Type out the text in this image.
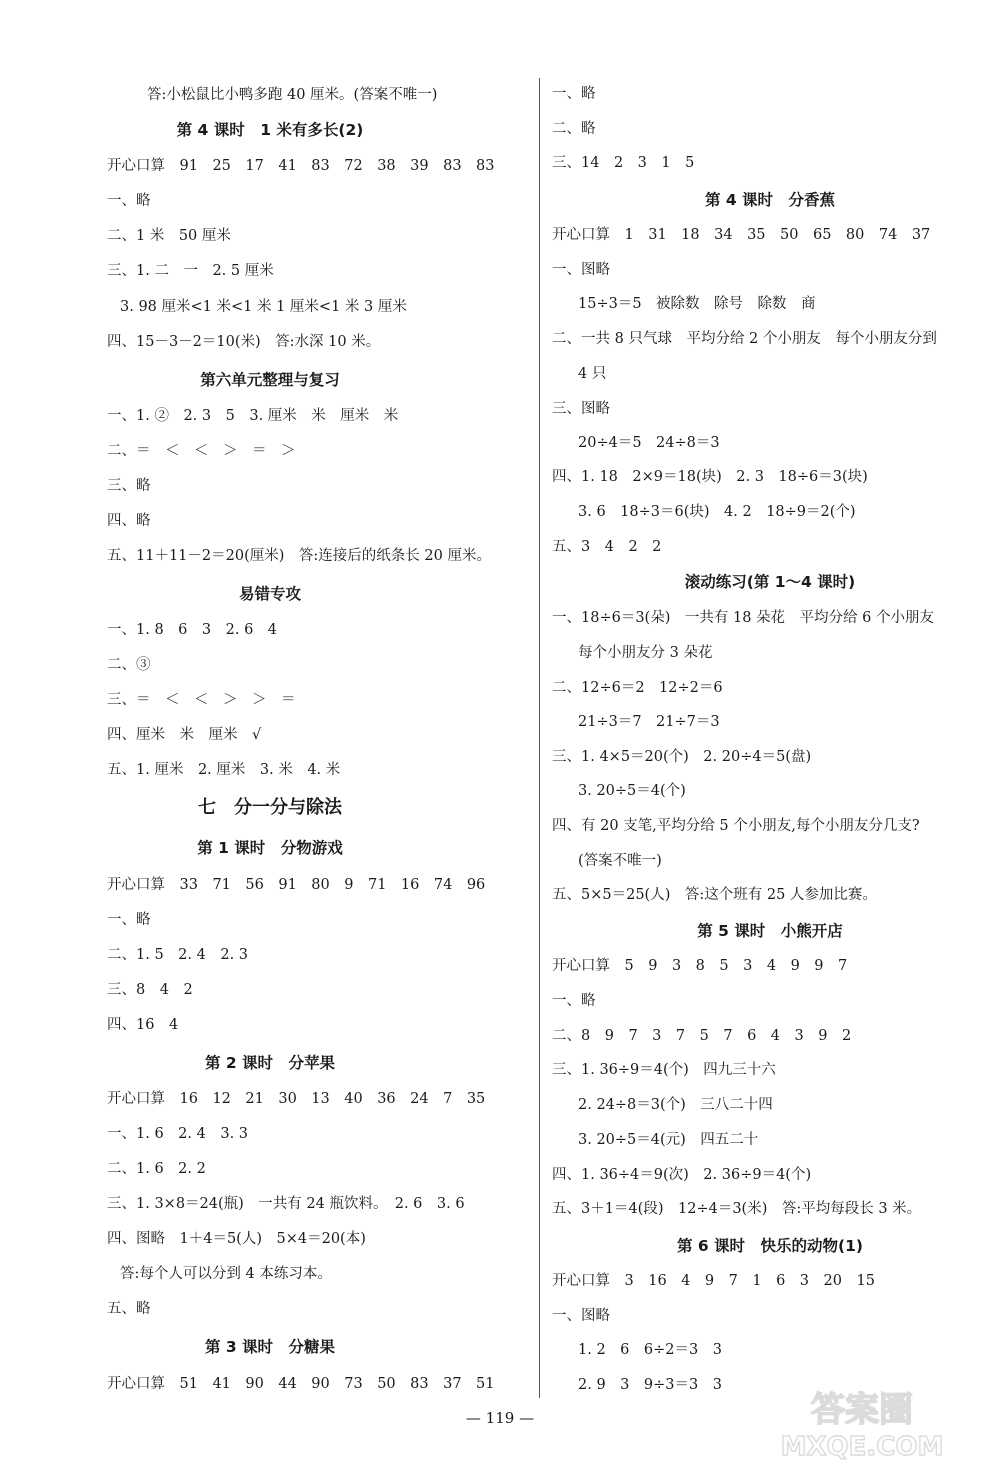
答:小松鼠比小鸭多跑 40 厘米。(答案不唯一)
第 4 课时　1 米有多长(2)
开心口算　91　25　17　41　83　72　38　39　83　83
一、略
二、1 米　50 厘米
三、1. 二　一　2. 5 厘米
3. 98 厘米<1 米<1 米 1 厘米<1 米 3 厘米
四、15－3－2＝10(米)　答:水深 10 米。
第六单元整理与复习
一、1. ②　2. 3　5　3. 厘米　米　厘米　米
二、＝　＜　＜　＞　＝　＞
三、略
四、略
五、11＋11－2＝20(厘米)　答:连接后的纸条长 20 厘米。
易错专攻
一、1. 8　6　3　2. 6　4
二、③
三、＝　＜　＜　＞　＞　＝
四、厘米　米　厘米　√
五、1. 厘米　2. 厘米　3. 米　4. 米
七　分一分与除法
第 1 课时　分物游戏
开心口算　33　71　56　91　80　9　71　16　74　96
一、略
二、1. 5　2. 4　2. 3
三、8　4　2
四、16　4
第 2 课时　分苹果
开心口算　16　12　21　30　13　40　36　24　7　35
一、1. 6　2. 4　3. 3
二、1. 6　2. 2
三、1. 3×8＝24(瓶)　一共有 24 瓶饮料。　2. 6　3. 6
四、图略　1＋4＝5(人)　5×4＝20(本)
答:每个人可以分到 4 本练习本。
五、略
第 3 课时　分糖果
开心口算　51　41　90　44　90　73　50　83　37　51
一、略
二、略
三、14　2　3　1　5
第 4 课时　分香蕉
开心口算　1　31　18　34　35　50　65　80　74　37
一、图略
15÷3＝5　被除数　除号　除数　商
二、一共 8 只气球　平均分给 2 个小朋友　每个小朋友分到
4 只
三、图略
20÷4＝5　24÷8＝3
四、1. 18　2×9＝18(块)　2. 3　18÷6＝3(块)
3. 6　18÷3＝6(块)　4. 2　18÷9＝2(个)
五、3　4　2　2
滚动练习(第 1～4 课时)
一、18÷6＝3(朵)　一共有 18 朵花　平均分给 6 个小朋友
每个小朋友分 3 朵花
二、12÷6＝2　12÷2＝6
21÷3＝7　21÷7＝3
三、1. 4×5＝20(个)　2. 20÷4＝5(盘)
3. 20÷5＝4(个)
四、有 20 支笔,平均分给 5 个小朋友,每个小朋友分几支?
(答案不唯一)
五、5×5＝25(人)　答:这个班有 25 人参加比赛。
第 5 课时　小熊开店
开心口算　5　9　3　8　5　3　4　9　9　7
一、略
二、8　9　7　3　7　5　7　6　4　3　9　2
三、1. 36÷9＝4(个)　四九三十六
2. 24÷8＝3(个)　三八二十四
3. 20÷5＝4(元)　四五二十
四、1. 36÷4＝9(次)　2. 36÷9＝4(个)
五、3＋1＝4(段)　12÷4＝3(米)　答:平均每段长 3 米。
第 6 课时　快乐的动物(1)
开心口算　3　16　4　9　7　1　6　3　20　15
一、图略
1. 2　6　6÷2＝3　3
2. 9　3　9÷3＝3　3
— 119 —	答案圈
MXQE.COM
